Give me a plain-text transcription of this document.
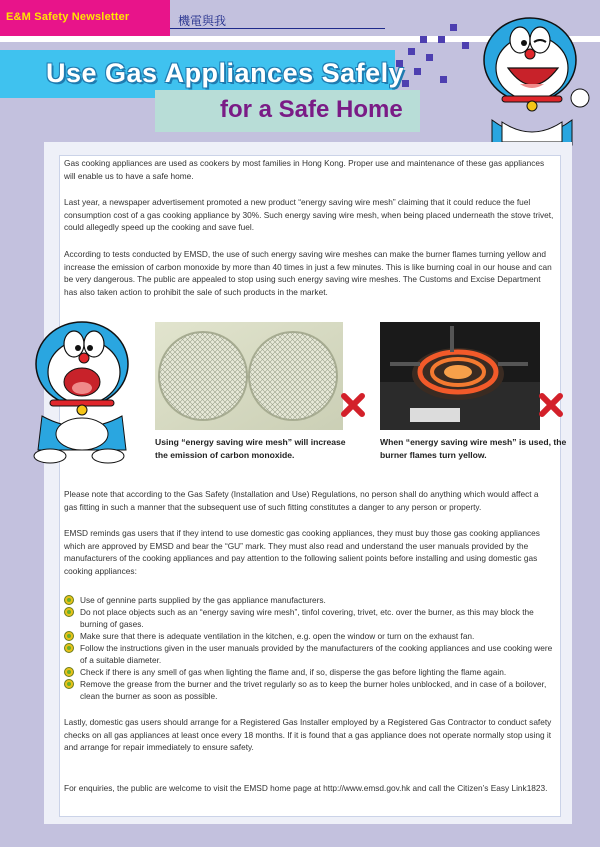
E&M Safety Newsletter	機電與我
Use Gas Appliances Safely
for a Safe Home
Gas cooking appliances are used as cookers by most families in Hong Kong. Proper use and maintenance of these gas appliances will enable us to have a safe home.
Last year, a newspaper advertisement promoted a new product “energy saving wire mesh” claiming that it could reduce the fuel consumption cost of a gas cooking appliance by 30%. Such energy saving wire mesh, when being placed underneath the stove trivet, could allegedly speed up the cooking and save fuel.
According to tests conducted by EMSD, the use of such energy saving wire meshes can make the burner flames turning yellow and increase the emission of carbon monoxide by more than 40 times in just a few minutes. This is like burning coal in our house and can be very dangerous. The public are appealed to stop using such energy saving wire meshes. The Customs and Excise Department has also taken action to prohibit the sale of such products in the market.
Using “energy saving wire mesh” will increase the emission of carbon monoxide.
When “energy saving wire mesh” is used, the burner flames turn yellow.
Please note that according to the Gas Safety (Installation and Use) Regulations, no person shall do anything which would affect a gas fitting in such a manner that the subsequent use of such fitting constitutes a danger to any person or property.
EMSD reminds gas users that if they intend to use domestic gas cooking appliances, they must buy those gas cooking appliances which are approved by EMSD and bear the “GU” mark. They must also read and understand the user manuals provided by the manufacturers of the cooking appliances and pay attention to the following salient points before installing and using domestic gas cooking appliances:
Use of gennine parts supplied by the gas appliance manufacturers.
Do not place objects such as an “energy saving wire mesh”, tinfol covering, trivet, etc. over the burner, as this may block the burning of gases.
Make sure that there is adequate ventilation in the kitchen, e.g. open the window or turn on the exhaust fan.
Follow the instructions given in the user manuals provided by the manufacturers of the cooking appliances and use cooking were of a suitable diameter.
Check if there is any smell of gas when lighting the flame and, if so, disperse the gas before lighting the flame again.
Remove the grease from the burner and the trivet regularly so as to keep the burner holes unblocked, and in case of a boilover, clean the burner as soon as possible.
Lastly, domestic gas users should arrange for a Registered Gas Installer employed by a Registered Gas Contractor to conduct safety checks on all gas appliances at least once every 18 months. If it is found that a gas appliance does not operate normally stop using it and arrange for repair immediately to ensure safety.
For enquiries, the public are welcome to visit the EMSD home page at http://www.emsd.gov.hk and call the Citizen’s Easy Link1823.
